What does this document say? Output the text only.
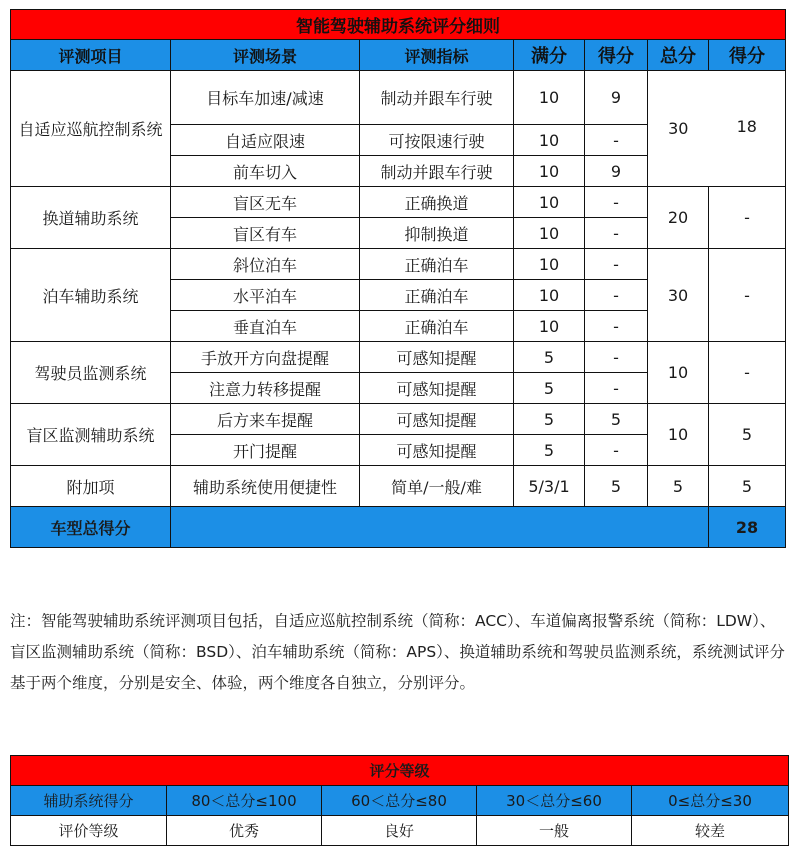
智能驾驶辅助系统评分细则						
评测项目	评测场景	评测指标	满分	得分	总分	得分
自适应巡航控制系统	目标车加速/减速	制动并跟车行驶	10	9	30	18
	自适应限速	可按限速行驶	10	-		
	前车切入	制动并跟车行驶	10	9		
换道辅助系统	盲区无车	正确换道	10	-	20	-
	盲区有车	抑制换道	10	-		
泊车辅助系统	斜位泊车	正确泊车	10	-	30	-
	水平泊车	正确泊车	10	-		
	垂直泊车	正确泊车	10	-		
驾驶员监测系统	手放开方向盘提醒	可感知提醒	5	-	10	-
	注意力转移提醒	可感知提醒	5	-		
盲区监测辅助系统	后方来车提醒	可感知提醒	5	5	10	5
	开门提醒	可感知提醒	5	-		
附加项	辅助系统使用便捷性	简单/一般/难	5/3/1	5	5	5
车型总得分						28
注：智能驾驶辅助系统评测项目包括，自适应巡航控制系统（简称：ACC）、车道偏离报警系统（简称：LDW）、盲区监测辅助系统（简称：BSD）、泊车辅助系统（简称：APS）、换道辅助系统和驾驶员监测系统，系统测试评分基于两个维度，分别是安全、体验，两个维度各自独立，分别评分。
评分等级				
辅助系统得分	80＜总分≤100	60＜总分≤80	30＜总分≤60	0≤总分≤30
评价等级	优秀	良好	一般	较差
